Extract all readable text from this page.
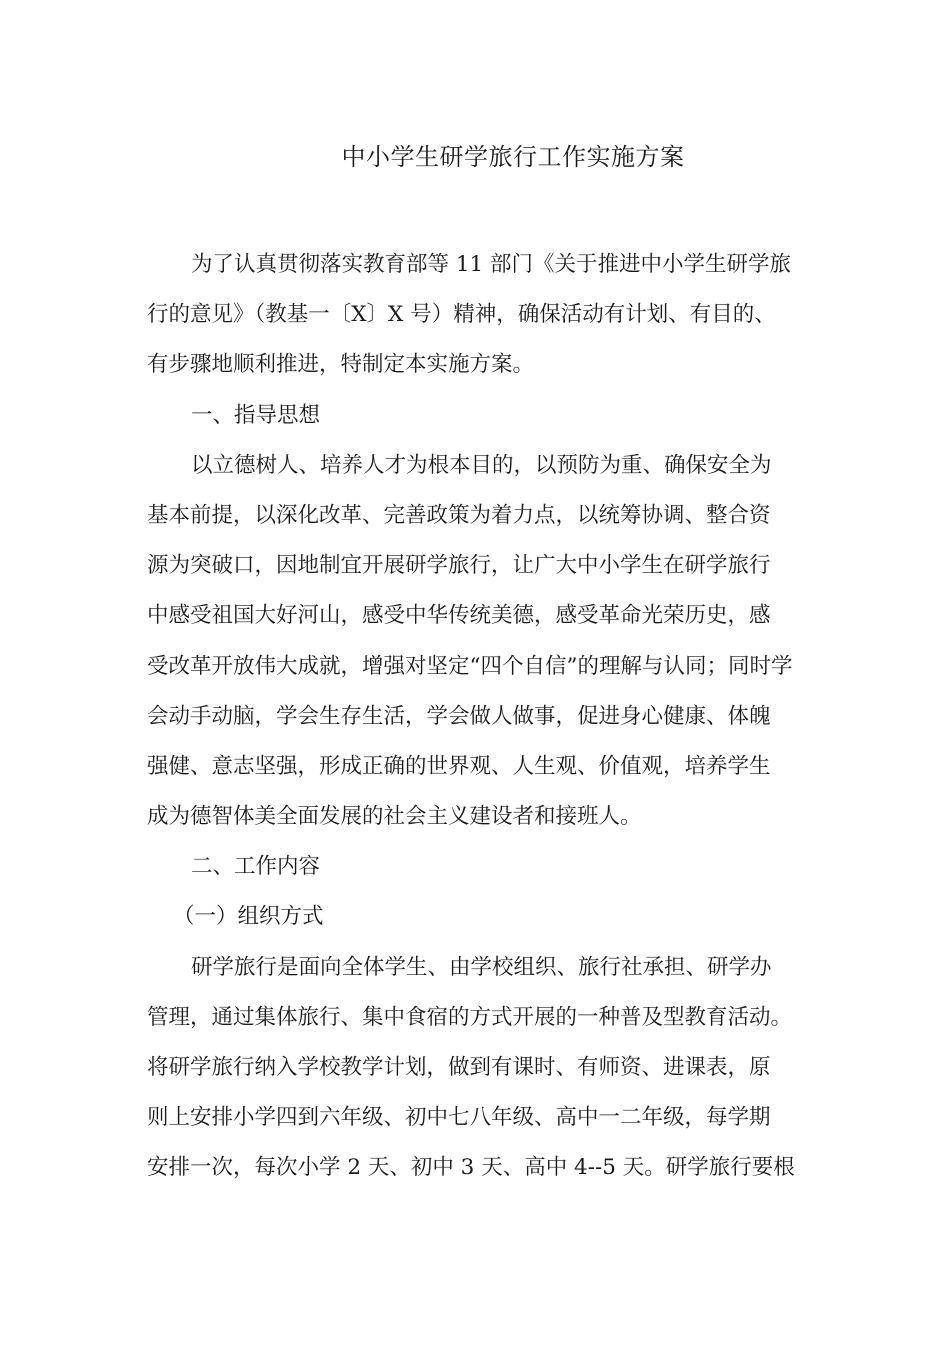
中小学生研学旅行工作实施方案
为了认真贯彻落实教育部等 11 部门《关于推进中小学生研学旅
行的意见》（教基一〔X〕X 号）精神，确保活动有计划、有目的、
有步骤地顺利推进，特制定本实施方案。
一、指导思想
以立德树人、培养人才为根本目的，以预防为重、确保安全为
基本前提，以深化改革、完善政策为着力点，以统筹协调、整合资
源为突破口，因地制宜开展研学旅行，让广大中小学生在研学旅行
中感受祖国大好河山，感受中华传统美德，感受革命光荣历史，感
受改革开放伟大成就，增强对坚定“四个自信”的理解与认同；同时学
会动手动脑，学会生存生活，学会做人做事，促进身心健康、体魄
强健、意志坚强，形成正确的世界观、人生观、价值观，培养学生
成为德智体美全面发展的社会主义建设者和接班人。
二、工作内容
（一）组织方式
研学旅行是面向全体学生、由学校组织、旅行社承担、研学办
管理，通过集体旅行、集中食宿的方式开展的一种普及型教育活动。
将研学旅行纳入学校教学计划，做到有课时、有师资、进课表，原
则上安排小学四到六年级、初中七八年级、高中一二年级，每学期
安排一次，每次小学 2 天、初中 3 天、高中 4--5 天。研学旅行要根
